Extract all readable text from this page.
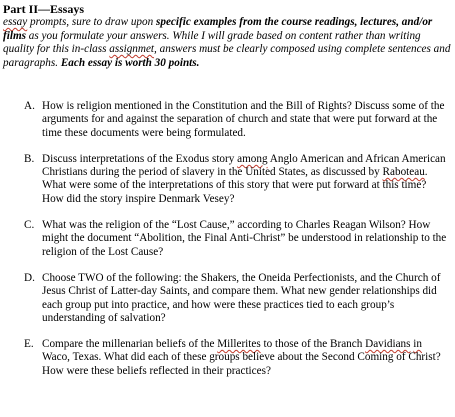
Part II—Essays
essay prompts, sure to draw upon specific examples from the course readings, lectures, and/or films as you formulate your answers. While I will grade based on content rather than writing quality for this in-class assignmet, answers must be clearly composed using complete sentences and paragraphs. Each essay is worth 30 points.
A. How is religion mentioned in the Constitution and the Bill of Rights? Discuss some of the arguments for and against the separation of church and state that were put forward at the time these documents were being formulated.
B. Discuss interpretations of the Exodus story among Anglo American and African American Christians during the period of slavery in the United States, as discussed by Raboteau. What were some of the interpretations of this story that were put forward at this time? How did the story inspire Denmark Vesey?
C. What was the religion of the “Lost Cause,” according to Charles Reagan Wilson? How might the document “Abolition, the Final Anti-Christ” be understood in relationship to the religion of the Lost Cause?
D. Choose TWO of the following: the Shakers, the Oneida Perfectionists, and the Church of Jesus Christ of Latter-day Saints, and compare them. What new gender relationships did each group put into practice, and how were these practices tied to each group’s understanding of salvation?
E. Compare the millenarian beliefs of the Millerites to those of the Branch Davidians in Waco, Texas. What did each of these groups believe about the Second Coming of Christ? How were these beliefs reflected in their practices?
